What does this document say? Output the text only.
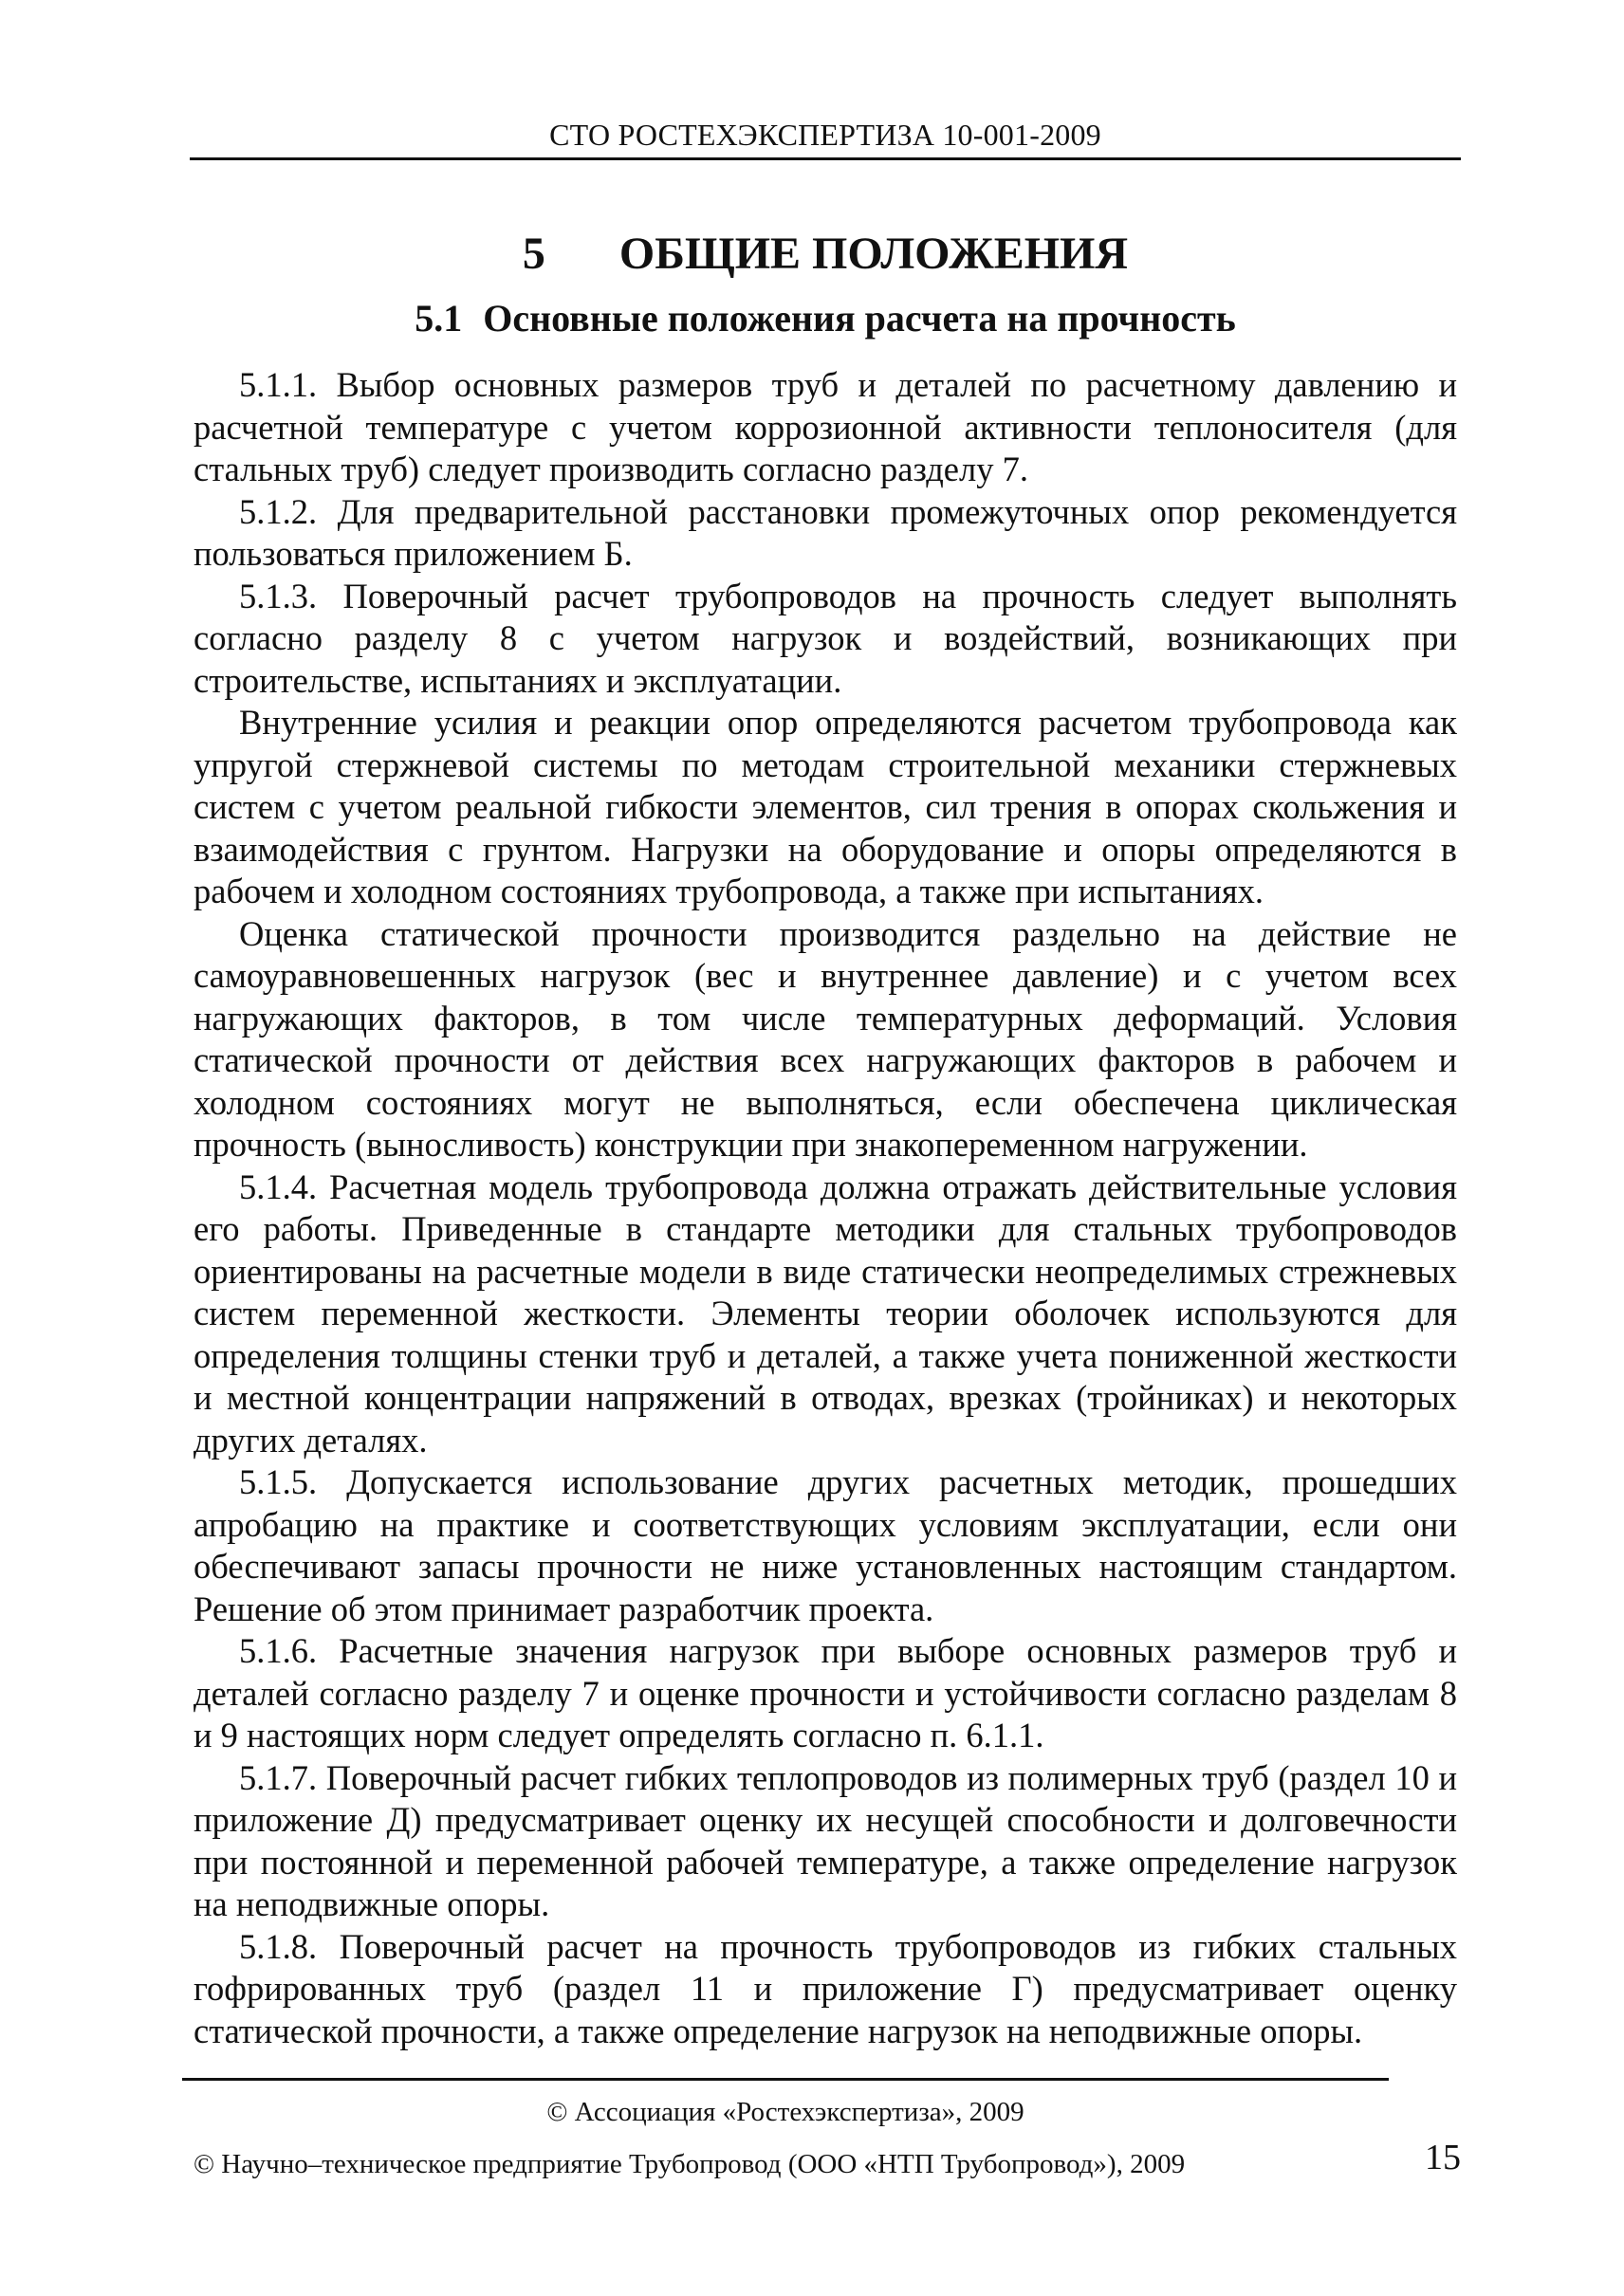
СТО РОСТЕХЭКСПЕРТИЗА 10-001-2009
5 ОБЩИЕ ПОЛОЖЕНИЯ
5.1 Основные положения расчета на прочность

5.1.1. Выбор основных размеров труб и деталей по расчетному давлению и расчетной температуре с учетом коррозионной активности теплоносителя (для стальных труб) следует производить согласно разделу 7.

5.1.2. Для предварительной расстановки промежуточных опор рекомендуется пользоваться приложением Б.

5.1.3. Поверочный расчет трубопроводов на прочность следует выполнять согласно разделу 8 с учетом нагрузок и воздействий, возникающих при строительстве, испытаниях и эксплуатации.

Внутренние усилия и реакции опор определяются расчетом трубопровода как упругой стержневой системы по методам строительной механики стержневых систем с учетом реальной гибкости элементов, сил трения в опорах скольжения и взаимодействия с грунтом. Нагрузки на оборудование и опоры определяются в рабочем и холодном состояниях трубопровода, а также при испытаниях.

Оценка статической прочности производится раздельно на действие не самоуравновешенных нагрузок (вес и внутреннее давление) и с учетом всех нагружающих факторов, в том числе температурных деформаций. Условия статической прочности от действия всех нагружающих факторов в рабочем и холодном состояниях могут не выполняться, если обеспечена циклическая прочность (выносливость) конструкции при знакопеременном нагружении.

5.1.4. Расчетная модель трубопровода должна отражать действительные условия его работы. Приведенные в стандарте методики для стальных трубопроводов ориентированы на расчетные модели в виде статически неопределимых стрежневых систем переменной жесткости. Элементы теории оболочек используются для определения толщины стенки труб и деталей, а также учета пониженной жесткости и местной концентрации напряжений в отводах, врезках (тройниках) и некоторых других деталях.

5.1.5. Допускается использование других расчетных методик, прошедших апробацию на практике и соответствующих условиям эксплуатации, если они обеспечивают запасы прочности не ниже установленных настоящим стандартом. Решение об этом принимает разработчик проекта.

5.1.6. Расчетные значения нагрузок при выборе основных размеров труб и деталей согласно разделу 7 и оценке прочности и устойчивости согласно разделам 8 и 9 настоящих норм следует определять согласно п. 6.1.1.

5.1.7. Поверочный расчет гибких теплопроводов из полимерных труб (раздел 10 и приложение Д) предусматривает оценку их несущей способности и долговечности при постоянной и переменной рабочей температуре, а также определение нагрузок на неподвижные опоры.

5.1.8. Поверочный расчет на прочность трубопроводов из гибких стальных гофрированных труб (раздел 11 и приложение Г) предусматривает оценку статической прочности, а также определение нагрузок на неподвижные опоры.

© Ассоциация «Ростехэкспертиза», 2009
© Научно–техническое предприятие Трубопровод (ООО «НТП Трубопровод»), 2009	15
